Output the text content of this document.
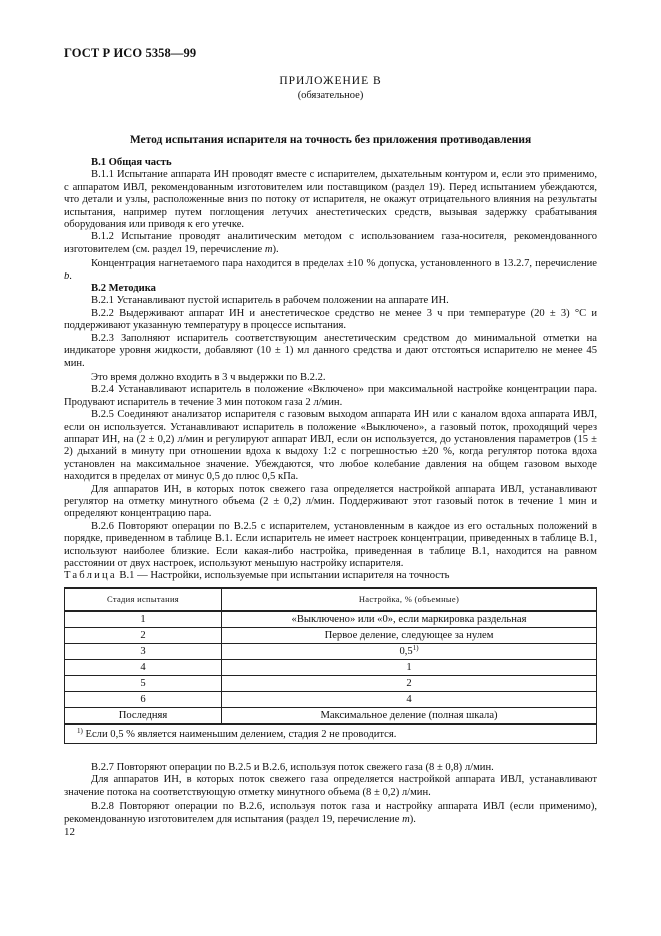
ГОСТ Р ИСО 5358—99
ПРИЛОЖЕНИЕ В
(обязательное)
Метод испытания испарителя на точность без приложения противодавления

В.1 Общая часть

В.1.1 Испытание аппарата ИН проводят вместе с испарителем, дыхательным контуром и, если это применимо, с аппаратом ИВЛ, рекомендованным изготовителем или поставщиком (раздел 19). Перед испытанием убеждаются, что детали и узлы, расположенные вниз по потоку от испарителя, не окажут отрицательного влияния на результаты испытания, например путем поглощения летучих анестетических средств, вызывая задержку срабатывания оборудования или приводя к его утечке.

В.1.2 Испытание проводят аналитическим методом с использованием газа-носителя, рекомендованного изготовителем (см. раздел 19, перечисление m).

Концентрация нагнетаемого пара находится в пределах ±10 % допуска, установленного в 13.2.7, перечисление b.

В.2 Методика

В.2.1 Устанавливают пустой испаритель в рабочем положении на аппарате ИН.

В.2.2 Выдерживают аппарат ИН и анестетическое средство не менее 3 ч при температуре (20 ± 3) °С и поддерживают указанную температуру в процессе испытания.

В.2.3 Заполняют испаритель соответствующим анестетическим средством до минимальной отметки на индикаторе уровня жидкости, добавляют (10 ± 1) мл данного средства и дают отстояться испарителю не менее 45 мин.

Это время должно входить в 3 ч выдержки по В.2.2.

В.2.4 Устанавливают испаритель в положение «Включено» при максимальной настройке концентрации пара. Продувают испаритель в течение 3 мин потоком газа 2 л/мин.

В.2.5 Соединяют анализатор испарителя с газовым выходом аппарата ИН или с каналом вдоха аппарата ИВЛ, если он используется. Устанавливают испаритель в положение «Выключено», а газовый поток, проходящий через аппарат ИН, на (2 ± 0,2) л/мин и регулируют аппарат ИВЛ, если он используется, до установления параметров (15 ± 2) дыханий в минуту при отношении вдоха к выдоху 1:2 с погрешностью ±20 %, когда регулятор потока вдоха установлен на максимальное значение. Убеждаются, что любое колебание давления на общем газовом выходе находится в пределах от минус 0,5 до плюс 0,5 кПа.

Для аппаратов ИН, в которых поток свежего газа определяется настройкой аппарата ИВЛ, устанавливают регулятор на отметку минутного объема (2 ± 0,2) л/мин. Поддерживают этот газовый поток в течение 1 мин и определяют концентрацию пара.

В.2.6 Повторяют операции по В.2.5 с испарителем, установленным в каждое из его остальных положений в порядке, приведенном в таблице В.1. Если испаритель не имеет настроек концентрации, приведенных в таблице В.1, используют наиболее близкие. Если какая-либо настройка, приведенная в таблице В.1, находится на равном расстоянии от двух настроек, используют меньшую настройку испарителя.

Таблица В.1 — Настройки, используемые при испытании испарителя на точность
Стадия испытания	Настройка, % (объемные)
1	«Выключено» или «0», если маркировка раздельная
2	Первое деление, следующее за нулем
3	0,5$^{1)}$
4	1
5	2
6	4
Последняя	Максимальное деление (полная шкала)
$^{1)}$ Если 0,5 % является наименьшим делением, стадия 2 не проводится.	

В.2.7 Повторяют операции по В.2.5 и В.2.6, используя поток свежего газа (8 ± 0,8) л/мин.

Для аппаратов ИН, в которых поток свежего газа определяется настройкой аппарата ИВЛ, устанавливают значение потока на соответствующую отметку минутного объема (8 ± 0,2) л/мин.

В.2.8 Повторяют операции по В.2.6, используя поток газа и настройку аппарата ИВЛ (если применимо), рекомендованную изготовителем для испытания (раздел 19, перечисление m).

12
